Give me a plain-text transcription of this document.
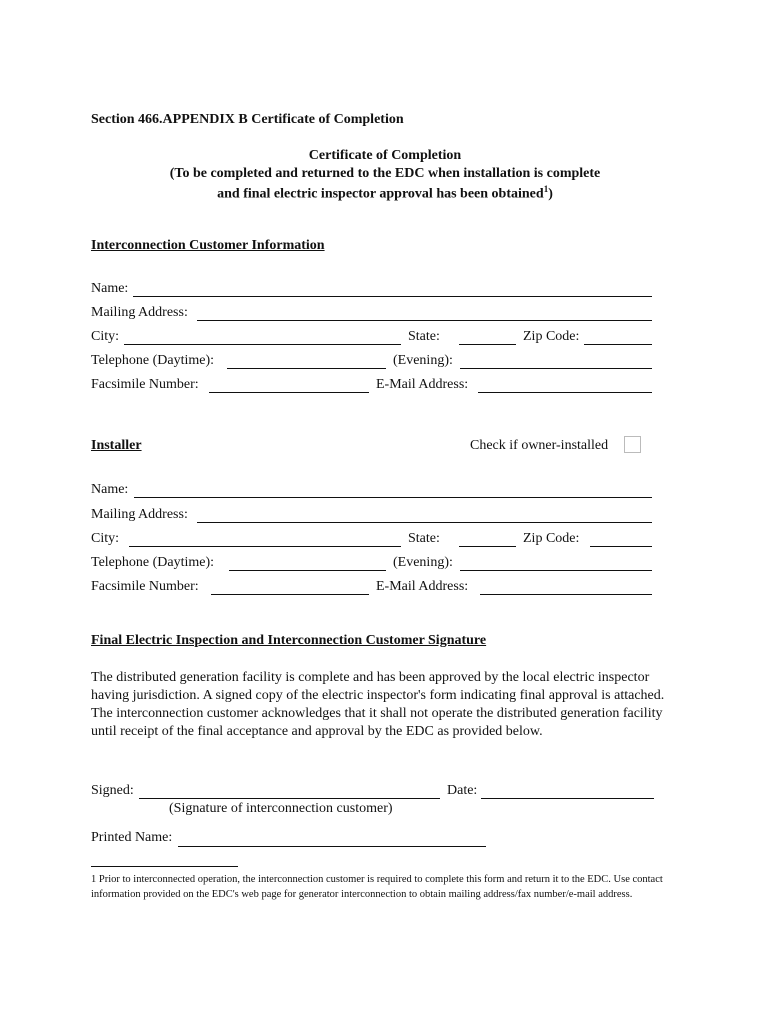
Section 466.APPENDIX B Certificate of Completion
Certificate of Completion
(To be completed and returned to the EDC when installation is complete
and final electric inspector approval has been obtained$^1$)
Interconnection Customer Information
Name:
Mailing Address:
City:	State:	Zip Code:
Telephone (Daytime):	(Evening):
Facsimile Number:	E-Mail Address:
Installer	Check if owner-installed
Name:
Mailing Address:
City:	State:	Zip Code:
Telephone (Daytime):	(Evening):
Facsimile Number:	E-Mail Address:
Final Electric Inspection and Interconnection Customer Signature
The distributed generation facility is complete and has been approved by the local electric inspector having jurisdiction. A signed copy of the electric inspector's form indicating final approval is attached. The interconnection customer acknowledges that it shall not operate the distributed generation facility until receipt of the final acceptance and approval by the EDC as provided below.
Signed:	Date:
(Signature of interconnection customer)
Printed Name:
1 Prior to interconnected operation, the interconnection customer is required to complete this form and return it to the EDC. Use contact information provided on the EDC's web page for generator interconnection to obtain mailing address/fax number/e-mail address.
